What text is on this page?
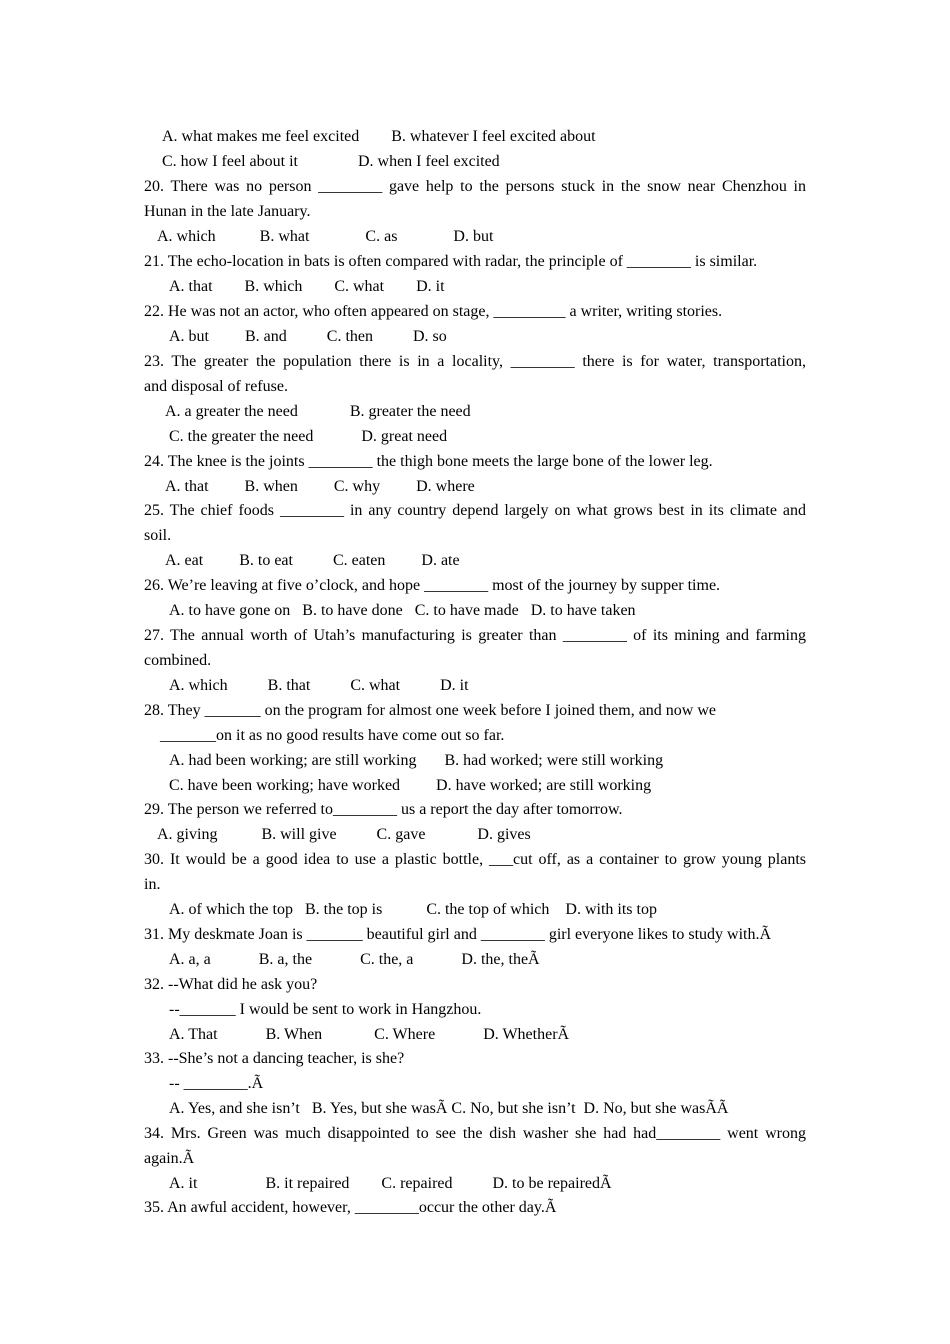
A. what makes me feel excited        B. whatever I feel excited about
C. how I feel about it               D. when I feel excited
20. There was no person ________ gave help to the persons stuck in the snow near Chenzhou in
Hunan in the late January.
A. which           B. what              C. as              D. but
21. The echo-location in bats is often compared with radar, the principle of ________ is similar.
A. that        B. which        C. what        D. it
22. He was not an actor, who often appeared on stage, _________ a writer, writing stories.
A. but         B. and          C. then          D. so
23. The greater the population there is in a locality, ________ there is for water, transportation,
and disposal of refuse.
A. a greater the need             B. greater the need
C. the greater the need            D. great need
24. The knee is the joints ________ the thigh bone meets the large bone of the lower leg.
A. that         B. when         C. why         D. where
25. The chief foods ________ in any country depend largely on what grows best in its climate and
soil.
A. eat         B. to eat          C. eaten         D. ate
26. We’re leaving at five o’clock, and hope ________ most of the journey by supper time.
A. to have gone on   B. to have done   C. to have made   D. to have taken
27. The annual worth of Utah’s manufacturing is greater than ________ of its mining and farming
combined.
A. which          B. that          C. what          D. it
28. They _______ on the program for almost one week before I joined them, and now we
_______on it as no good results have come out so far.
A. had been working; are still working       B. had worked; were still working
C. have been working; have worked         D. have worked; are still working
29. The person we referred to________ us a report the day after tomorrow.
A. giving           B. will give          C. gave             D. gives
30. It would be a good idea to use a plastic bottle, ___cut off, as a container to grow young plants
in.
A. of which the top   B. the top is           C. the top of which    D. with its top
31. My deskmate Joan is _______ beautiful girl and ________ girl everyone likes to study with.Ã
A. a, a            B. a, the            C. the, a            D. the, theÃ
32. --What did he ask you?
--_______ I would be sent to work in Hangzhou.
A. That            B. When             C. Where            D. WhetherÃ
33. --She’s not a dancing teacher, is she?
-- ________.Ã
A. Yes, and she isn’t   B. Yes, but she wasÃ C. No, but she isn’t  D. No, but she wasÃÃ
34. Mrs. Green was much disappointed to see the dish washer she had had________ went wrong
again.Ã
A. it                 B. it repaired        C. repaired          D. to be repairedÃ
35. An awful accident, however, ________occur the other day.Ã
